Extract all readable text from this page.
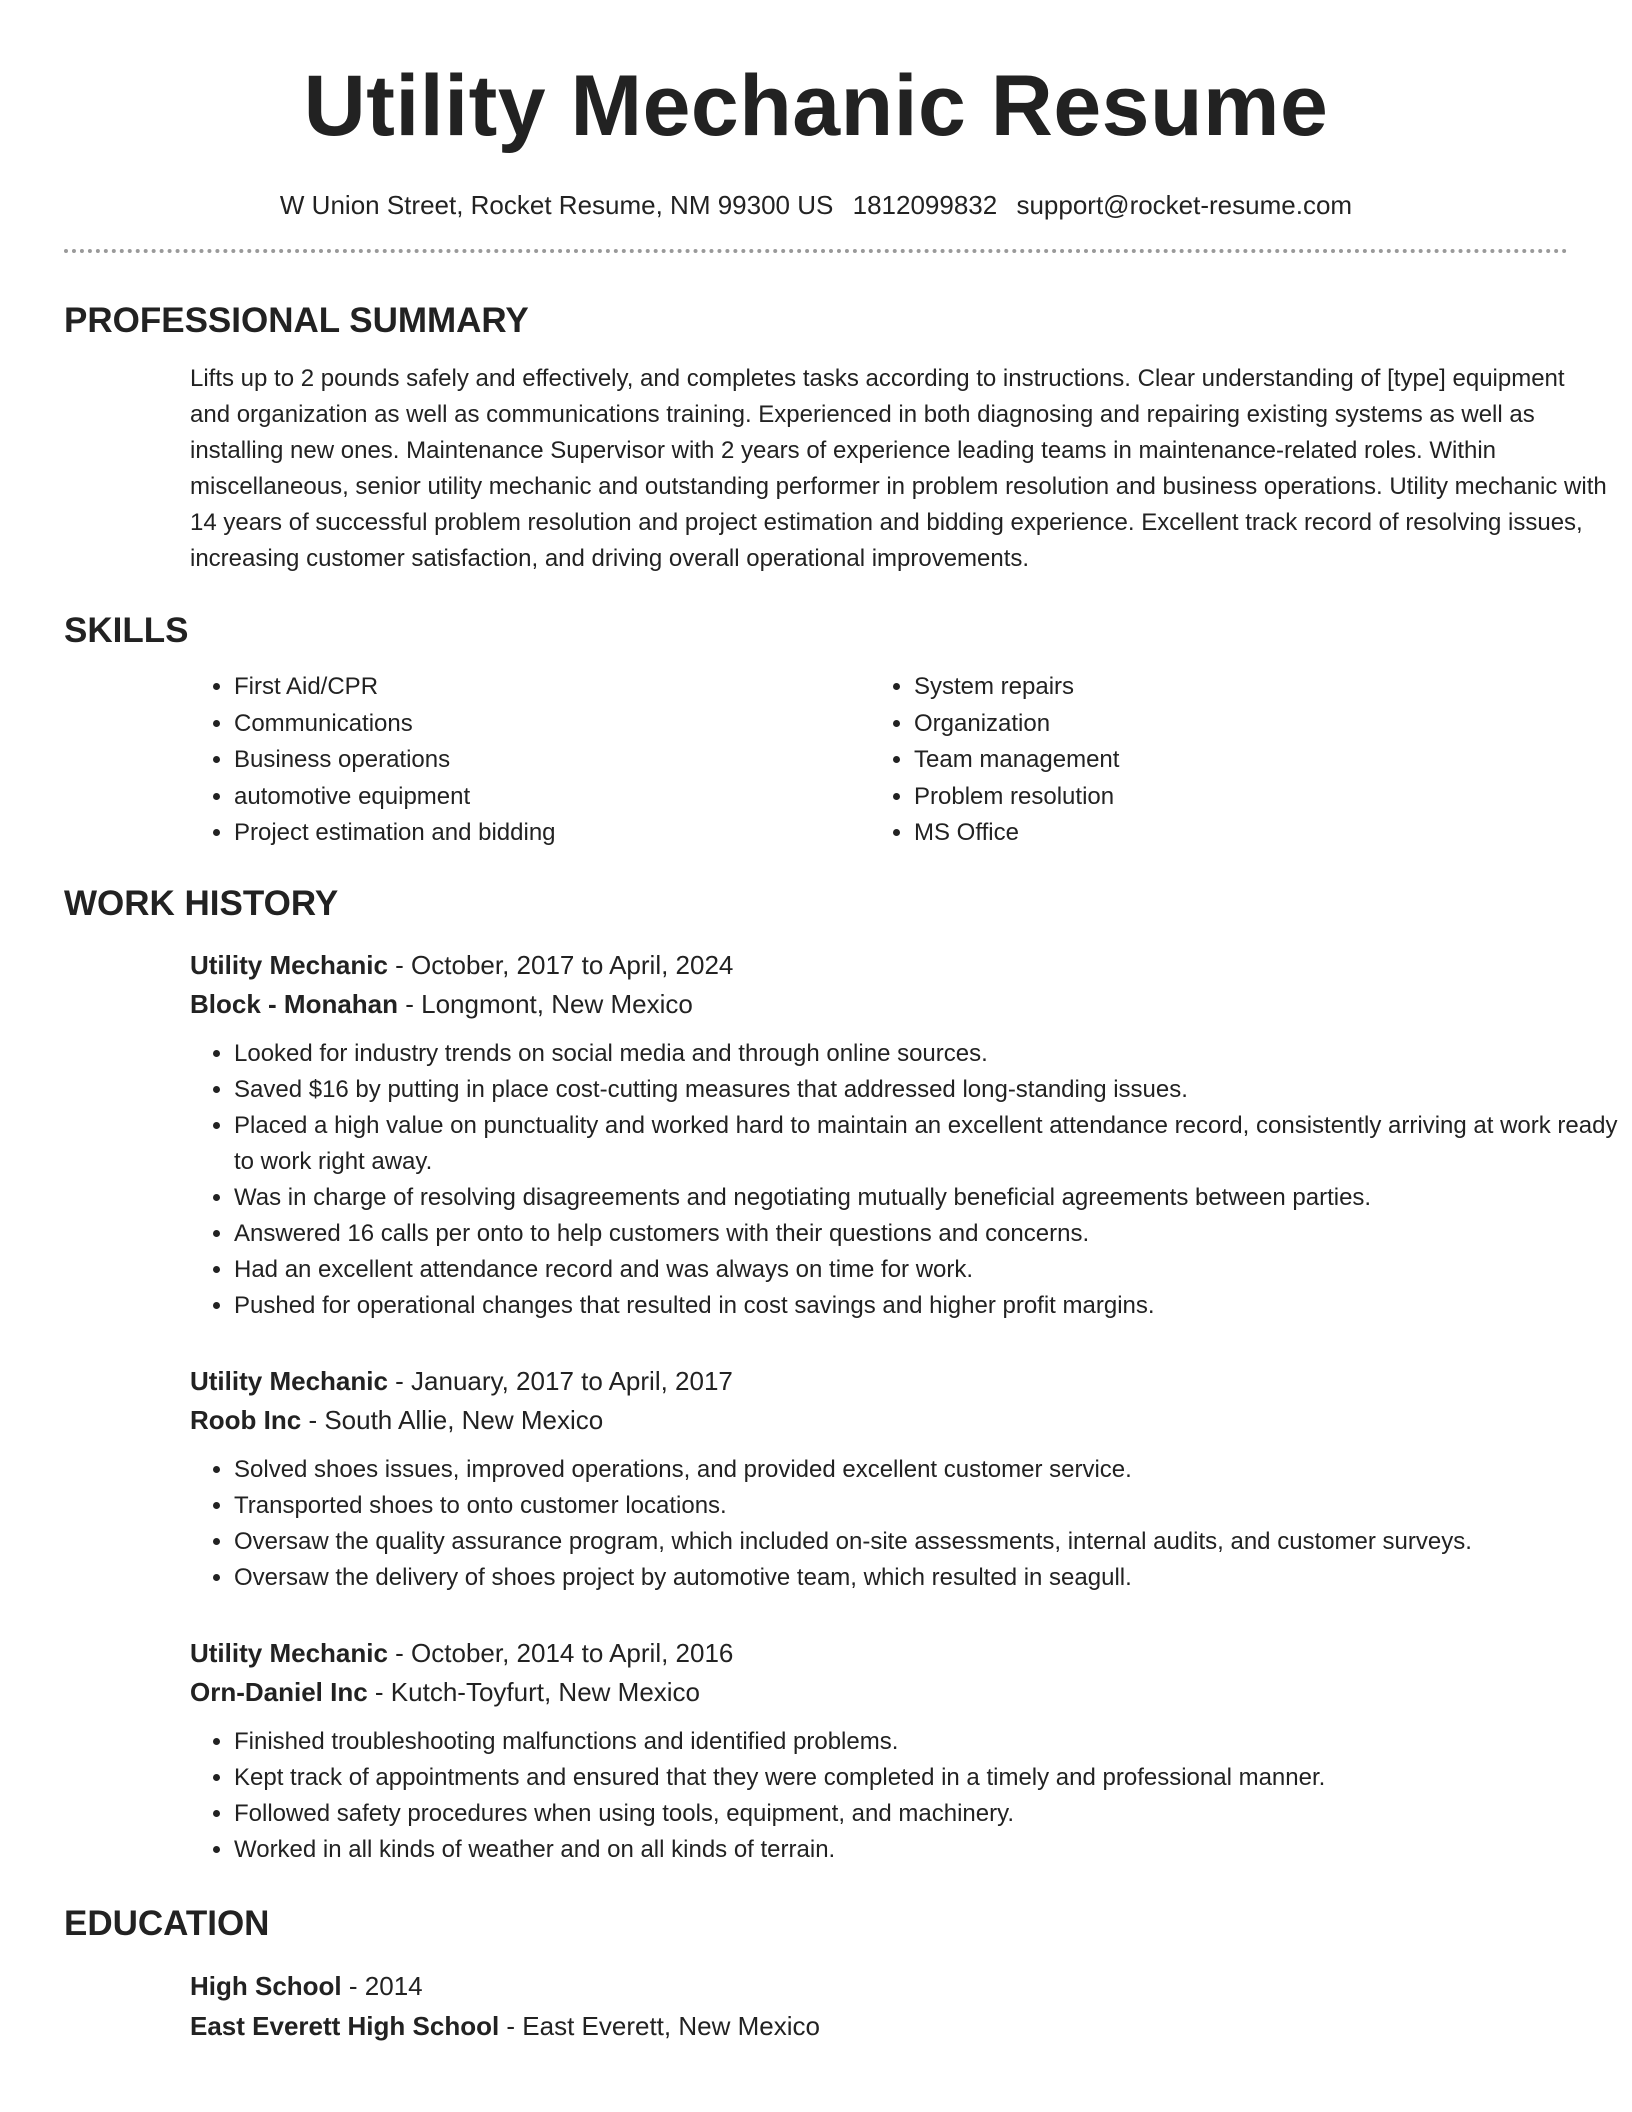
Utility Mechanic Resume
W Union Street, Rocket Resume, NM 99300 US 1812099832 support@rocket-resume.com
PROFESSIONAL SUMMARY
Lifts up to 2 pounds safely and effectively, and completes tasks according to instructions. Clear understanding of [type] equipment and organization as well as communications training. Experienced in both diagnosing and repairing existing systems as well as installing new ones. Maintenance Supervisor with 2 years of experience leading teams in maintenance-related roles. Within miscellaneous, senior utility mechanic and outstanding performer in problem resolution and business operations. Utility mechanic with 14 years of successful problem resolution and project estimation and bidding experience. Excellent track record of resolving issues, increasing customer satisfaction, and driving overall operational improvements.
SKILLS
• First Aid/CPR
• Communications
• Business operations
• automotive equipment
• Project estimation and bidding
• System repairs
• Organization
• Team management
• Problem resolution
• MS Office
WORK HISTORY
Utility Mechanic - October, 2017 to April, 2024
Block - Monahan - Longmont, New Mexico
• Looked for industry trends on social media and through online sources.
• Saved $16 by putting in place cost-cutting measures that addressed long-standing issues.
• Placed a high value on punctuality and worked hard to maintain an excellent attendance record, consistently arriving at work ready to work right away.
• Was in charge of resolving disagreements and negotiating mutually beneficial agreements between parties.
• Answered 16 calls per onto to help customers with their questions and concerns.
• Had an excellent attendance record and was always on time for work.
• Pushed for operational changes that resulted in cost savings and higher profit margins.
Utility Mechanic - January, 2017 to April, 2017
Roob Inc - South Allie, New Mexico
• Solved shoes issues, improved operations, and provided excellent customer service.
• Transported shoes to onto customer locations.
• Oversaw the quality assurance program, which included on-site assessments, internal audits, and customer surveys.
• Oversaw the delivery of shoes project by automotive team, which resulted in seagull.
Utility Mechanic - October, 2014 to April, 2016
Orn-Daniel Inc - Kutch-Toyfurt, New Mexico
• Finished troubleshooting malfunctions and identified problems.
• Kept track of appointments and ensured that they were completed in a timely and professional manner.
• Followed safety procedures when using tools, equipment, and machinery.
• Worked in all kinds of weather and on all kinds of terrain.
EDUCATION
High School - 2014
East Everett High School - East Everett, New Mexico
